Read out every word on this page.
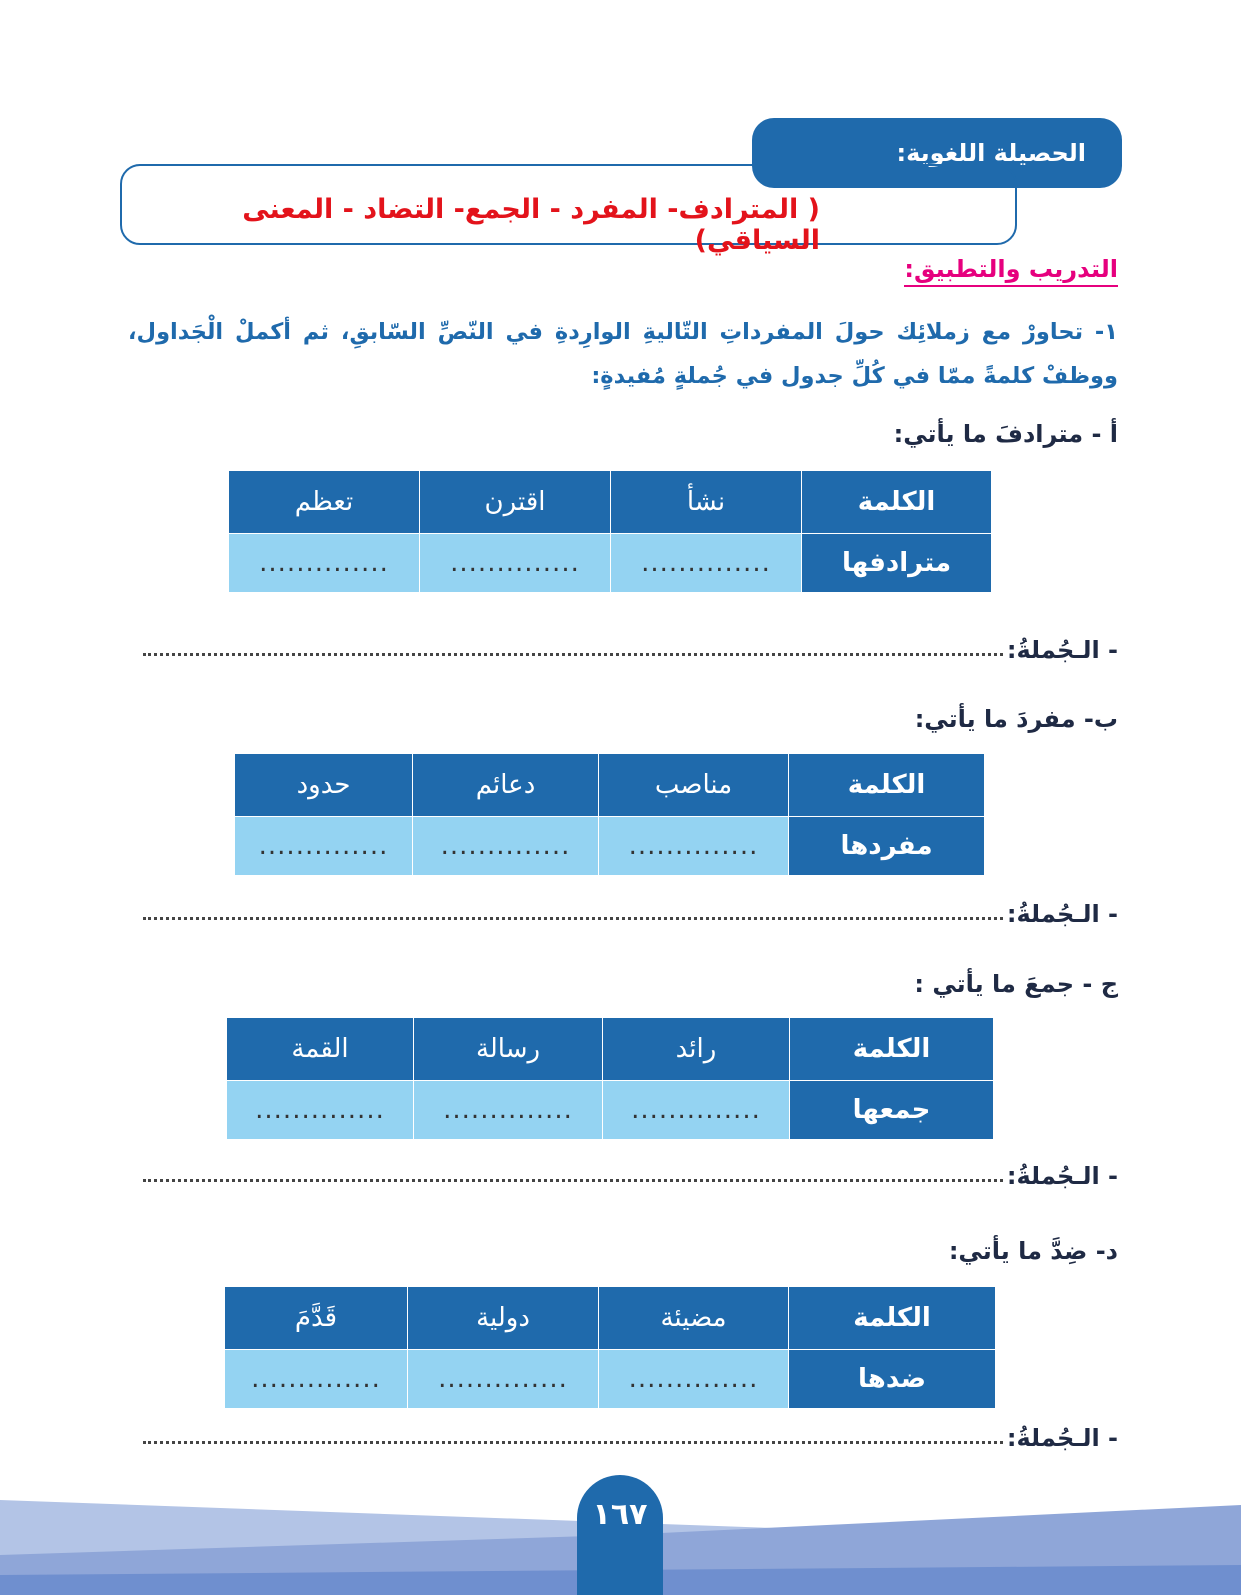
الحصيلة اللغوية:
( المترادف- المفرد - الجمع- التضاد - المعنى السياقي)
التدريب والتطبيق:
١- تحاورْ مع زملائِك حولَ المفرداتِ التّاليةِ الوارِدةِ في النّصِّ السّابقِ، ثم أكملْ الْجَداول، ووظفْ كلمةً ممّا في كُلِّ جدول في جُملةٍ مُفيدةٍ:
أ - مترادفَ ما يأتي:
الكلمة	نشأ	اقترن	تعظم
مترادفها	..............	..............	..............
- الـجُملةُ:
ب- مفردَ ما يأتي:
الكلمة	مناصب	دعائم	حدود
مفردها	..............	..............	..............
- الـجُملةُ:
ج - جمعَ ما يأتي :
الكلمة	رائد	رسالة	القمة
جمعها	..............	..............	..............
- الـجُملةُ:
د- ضِدَّ ما يأتي:
الكلمة	مضيئة	دولية	قَدَّمَ
ضدها	..............	..............	..............
- الـجُملةُ:
١٦٧
